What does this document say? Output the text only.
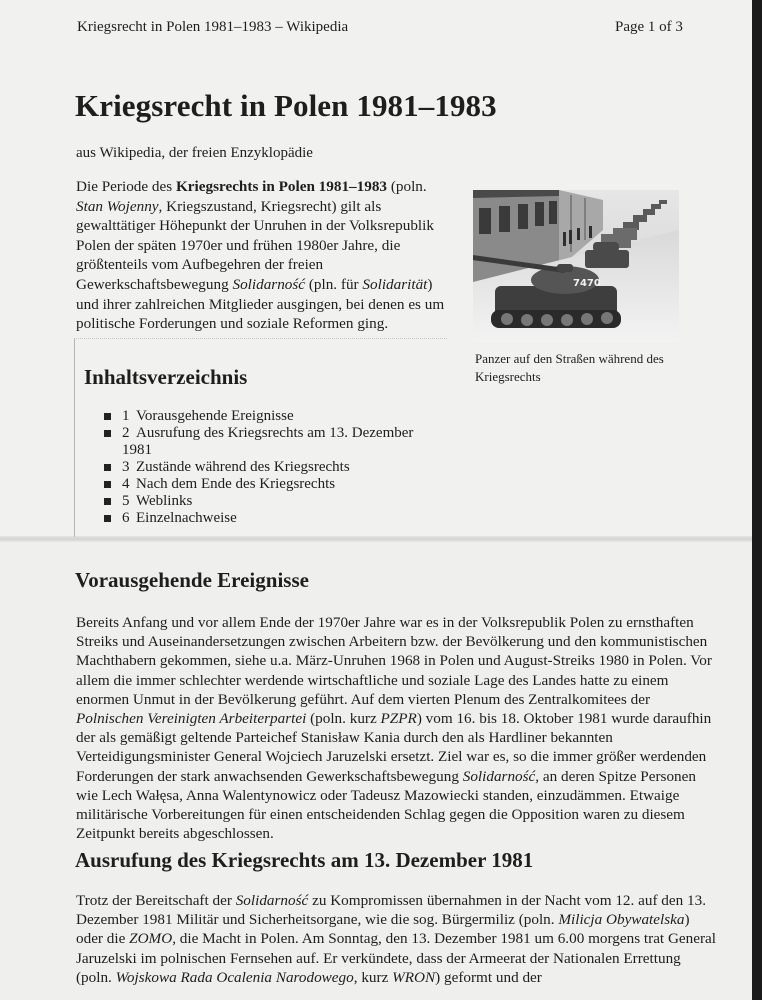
Kriegsrecht in Polen 1981–1983 – Wikipedia	Page 1 of 3
Kriegsrecht in Polen 1981–1983
aus Wikipedia, der freien Enzyklopädie
Die Periode des Kriegsrechts in Polen 1981–1983 (poln. Stan Wojenny, Kriegszustand, Kriegsrecht) gilt als gewalttätiger Höhepunkt der Unruhen in der Volksrepublik Polen der späten 1970er und frühen 1980er Jahre, die größtenteils vom Aufbegehren der freien Gewerkschaftsbewegung Solidarność (pln. für Solidarität) und ihrer zahlreichen Mitglieder ausgingen, bei denen es um politische Forderungen und soziale Reformen ging.
7470
Panzer auf den Straßen während des Kriegsrechts
Inhaltsverzeichnis
1 Vorausgehende Ereignisse
2 Ausrufung des Kriegsrechts am 13. Dezember
1981
3 Zustände während des Kriegsrechts
4 Nach dem Ende des Kriegsrechts
5 Weblinks
6 Einzelnachweise
Vorausgehende Ereignisse

Bereits Anfang und vor allem Ende der 1970er Jahre war es in der Volksrepublik Polen zu ernsthaften Streiks und Auseinandersetzungen zwischen Arbeitern bzw. der Bevölkerung und den kommunistischen Machthabern gekommen, siehe u.a. März-Unruhen 1968 in Polen und August-Streiks 1980 in Polen. Vor allem die immer schlechter werdende wirtschaftliche und soziale Lage des Landes hatte zu einem enormen Unmut in der Bevölkerung geführt. Auf dem vierten Plenum des Zentralkomitees der Polnischen Vereinigten Arbeiterpartei (poln. kurz PZPR) vom 16. bis 18. Oktober 1981 wurde daraufhin der als gemäßigt geltende Parteichef Stanisław Kania durch den als Hardliner bekannten Verteidigungsminister General Wojciech Jaruzelski ersetzt. Ziel war es, so die immer größer werdenden Forderungen der stark anwachsenden Gewerkschaftsbewegung Solidarność, an deren Spitze Personen wie Lech Wałęsa, Anna Walentynowicz oder Tadeusz Mazowiecki standen, einzudämmen. Etwaige militärische Vorbereitungen für einen entscheidenden Schlag gegen die Opposition waren zu diesem Zeitpunkt bereits abgeschlossen.

Ausrufung des Kriegsrechts am 13. Dezember 1981

Trotz der Bereitschaft der Solidarność zu Kompromissen übernahmen in der Nacht vom 12. auf den 13. Dezember 1981 Militär und Sicherheitsorgane, wie die sog. Bürgermiliz (poln. Milicja Obywatelska) oder die ZOMO, die Macht in Polen. Am Sonntag, den 13. Dezember 1981 um 6.00 morgens trat General Jaruzelski im polnischen Fernsehen auf. Er verkündete, dass der Armeerat der Nationalen Errettung (poln. Wojskowa Rada Ocalenia Narodowego, kurz WRON) geformt und der
